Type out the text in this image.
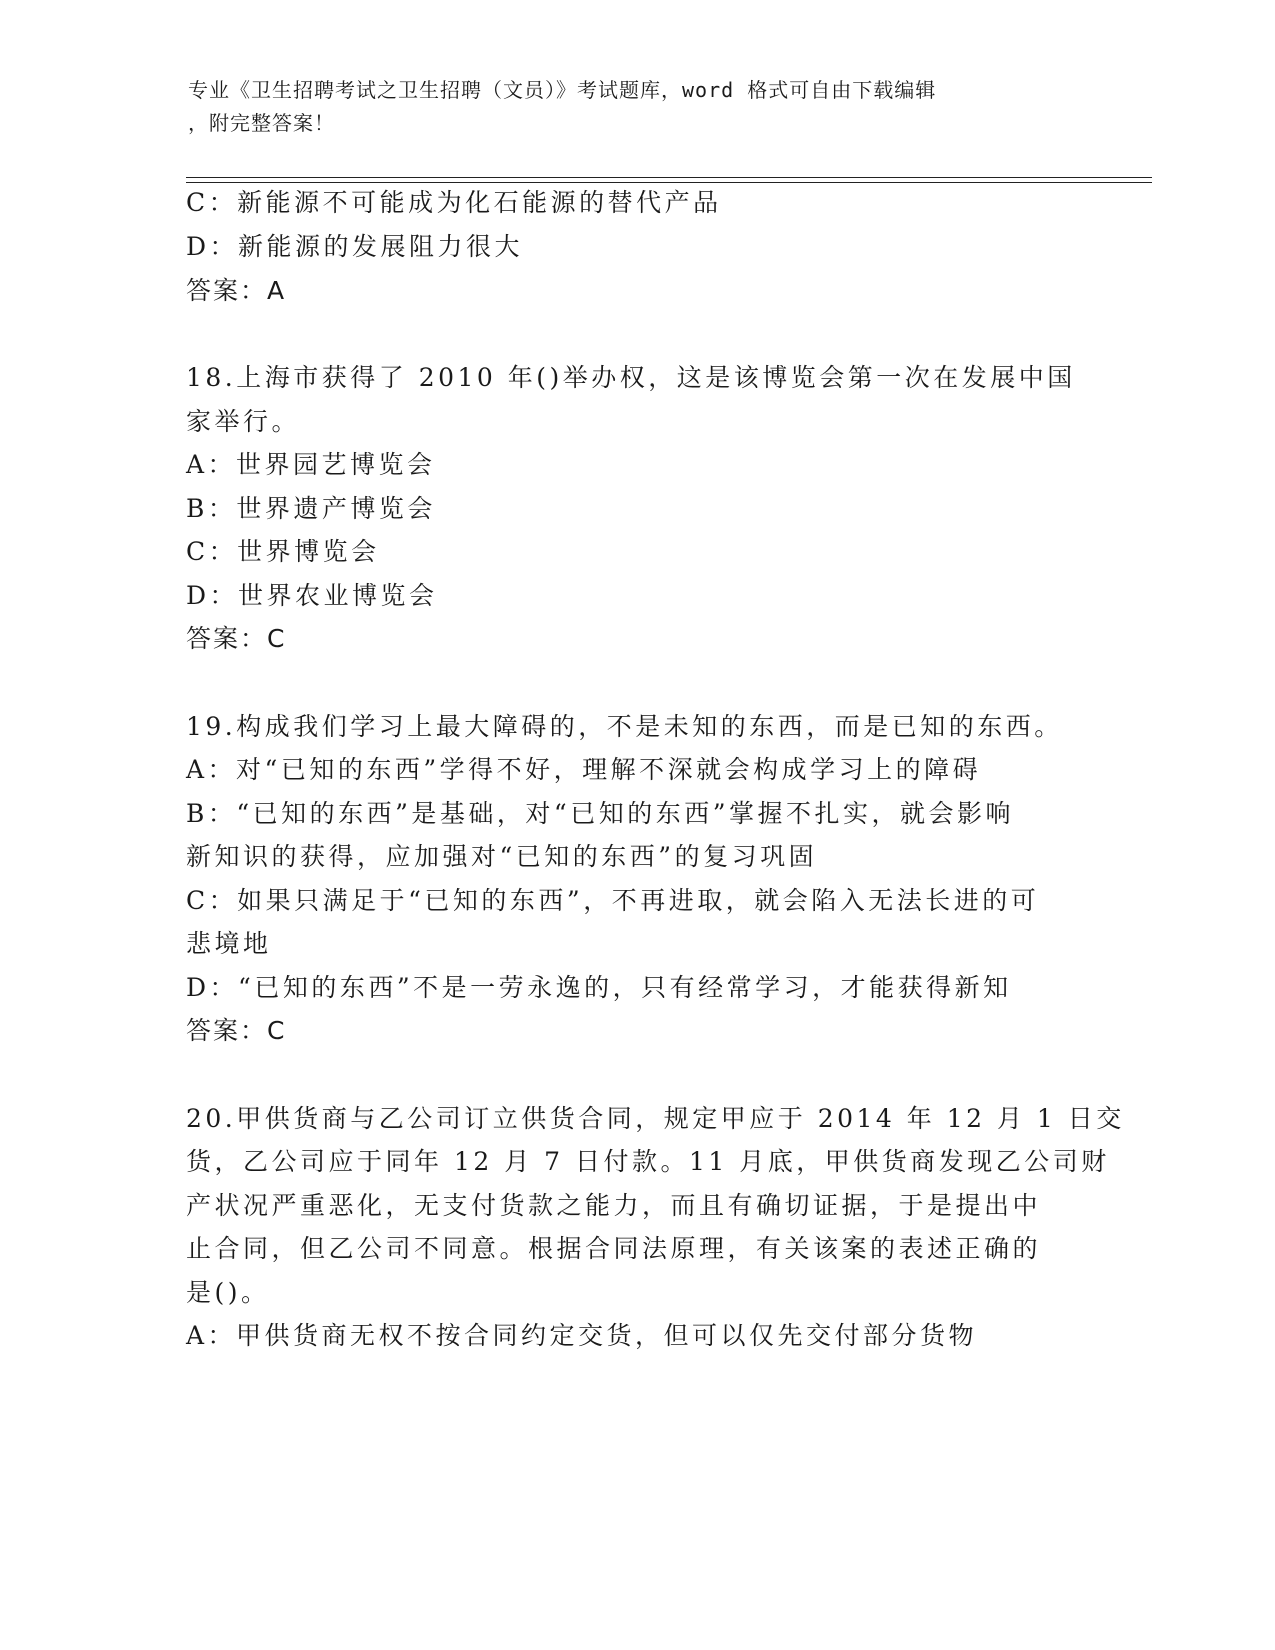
专业《卫生招聘考试之卫生招聘（文员）》考试题库，word 格式可自由下载编辑
，附完整答案！
C：新能源不可能成为化石能源的替代产品
D：新能源的发展阻力很大
答案：A
18.上海市获得了 2010 年()举办权，这是该博览会第一次在发展中国
家举行。
A：世界园艺博览会
B：世界遗产博览会
C：世界博览会
D：世界农业博览会
答案：C
19.构成我们学习上最大障碍的，不是未知的东西，而是已知的东西。
A：对“已知的东西”学得不好，理解不深就会构成学习上的障碍
B：“已知的东西”是基础，对“已知的东西”掌握不扎实，就会影响
新知识的获得，应加强对“已知的东西”的复习巩固
C：如果只满足于“已知的东西”，不再进取，就会陷入无法长进的可
悲境地
D：“已知的东西”不是一劳永逸的，只有经常学习，才能获得新知
答案：C
20.甲供货商与乙公司订立供货合同，规定甲应于 2014 年 12 月 1 日交
货，乙公司应于同年 12 月 7 日付款。11 月底，甲供货商发现乙公司财
产状况严重恶化，无支付货款之能力，而且有确切证据，于是提出中
止合同，但乙公司不同意。根据合同法原理，有关该案的表述正确的
是()。
A：甲供货商无权不按合同约定交货，但可以仅先交付部分货物
